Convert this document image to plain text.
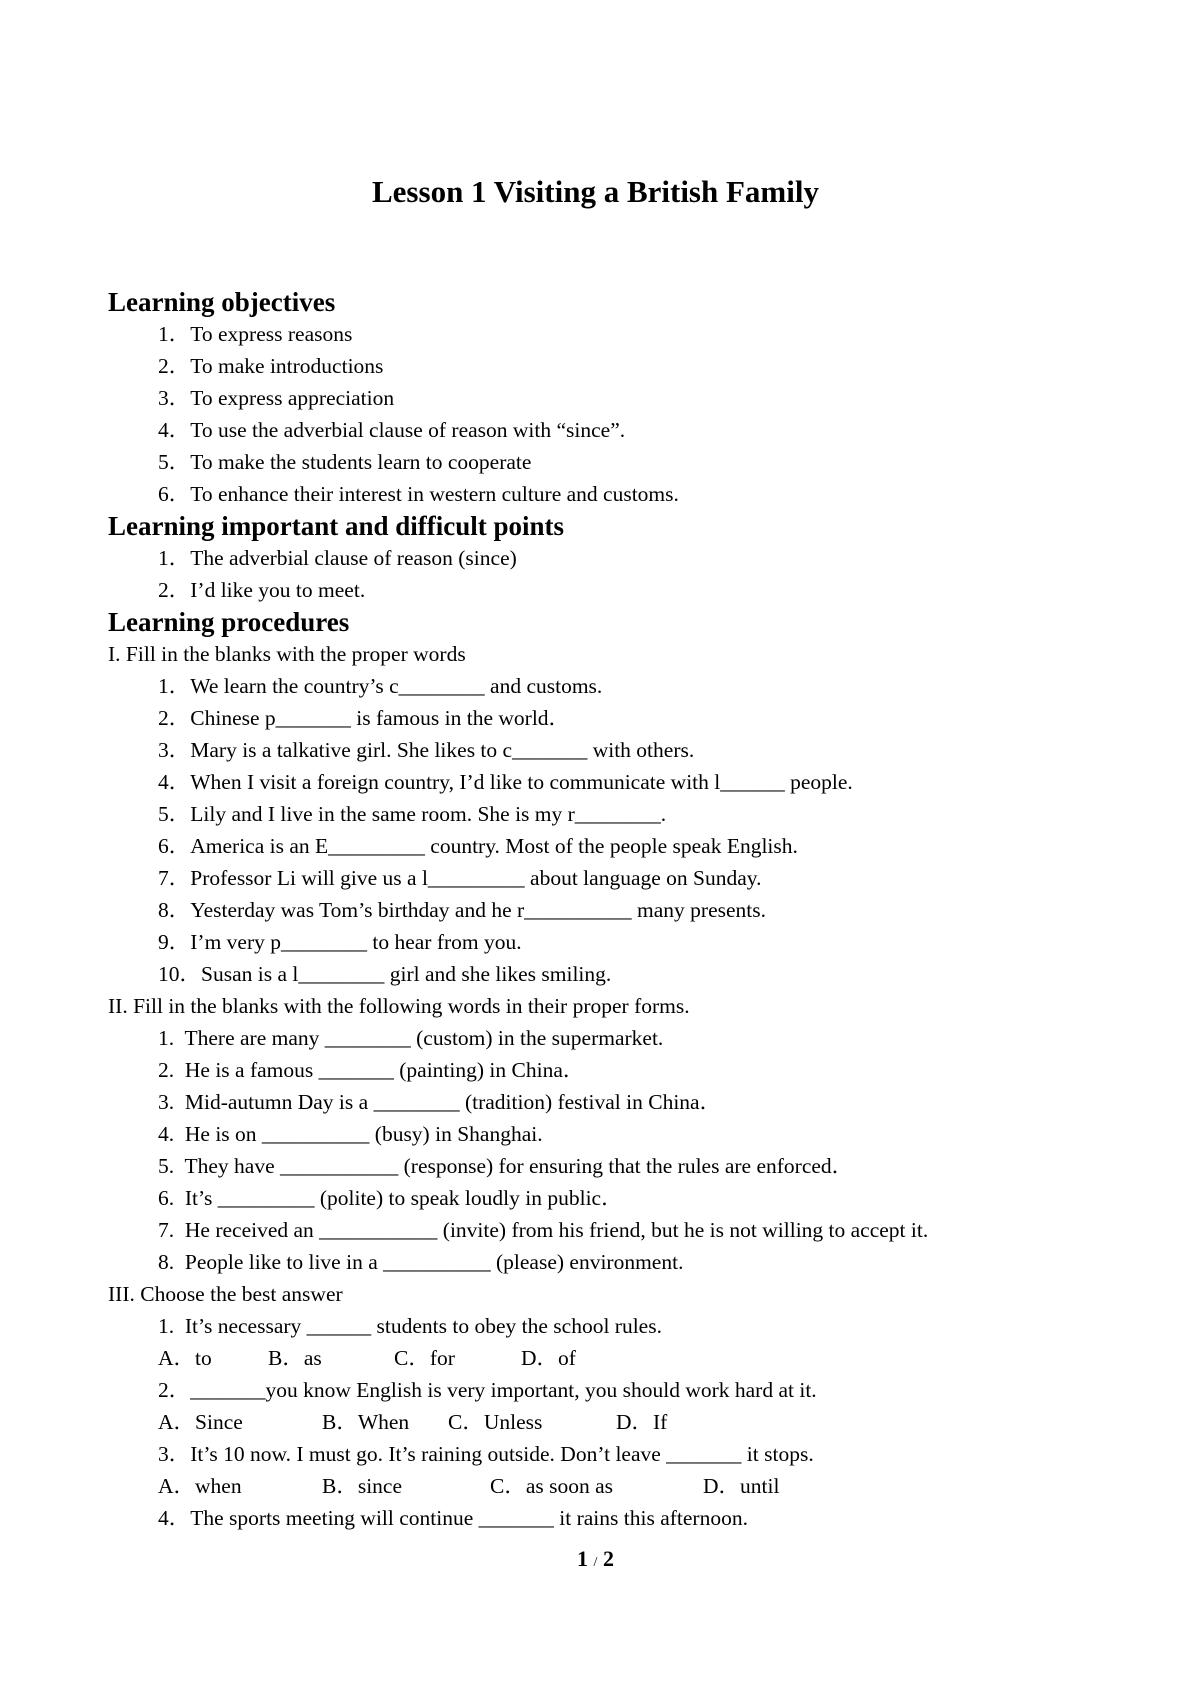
Lesson 1 Visiting a British Family
Learning objectives
1．To express reasons
2．To make introductions
3．To express appreciation
4．To use the adverbial clause of reason with “since”.
5．To make the students learn to cooperate
6．To enhance their interest in western culture and customs.
Learning important and difficult points
1．The adverbial clause of reason (since)
2．I’d like you to meet.
Learning procedures
I. Fill in the blanks with the proper words
1．We learn the country’s c________ and customs.
2．Chinese p_______ is famous in the world．
3．Mary is a talkative girl. She likes to c_______ with others.
4．When I visit a foreign country, I’d like to communicate with l______ people.
5．Lily and I live in the same room. She is my r________.
6．America is an E_________ country. Most of the people speak English.
7．Professor Li will give us a l_________ about language on Sunday.
8．Yesterday was Tom’s birthday and he r__________ many presents.
9．I’m very p________ to hear from you.
10．Susan is a l________ girl and she likes smiling.
II. Fill in the blanks with the following words in their proper forms.
1.  There are many ________ (custom) in the supermarket.
2.  He is a famous _______ (painting) in China．
3.  Mid-autumn Day is a ________ (tradition) festival in China．
4.  He is on __________ (busy) in Shanghai.
5.  They have ___________ (response) for ensuring that the rules are enforced．
6.  It’s _________ (polite) to speak loudly in public．
7.  He received an ___________ (invite) from his friend, but he is not willing to accept it.
8.  People like to live in a __________ (please) environment.
III. Choose the best answer
1.  It’s necessary ______ students to obey the school rules.
A．to	B．as	C．for	D．of
2．_______you know English is very important, you should work hard at it.
A．Since	B．When	C．Unless	D．If
3．It’s 10 now. I must go. It’s raining outside. Don’t leave _______ it stops.
A．when	B．since	C．as soon as	D．until
4．The sports meeting will continue _______ it rains this afternoon.
1 / 2
